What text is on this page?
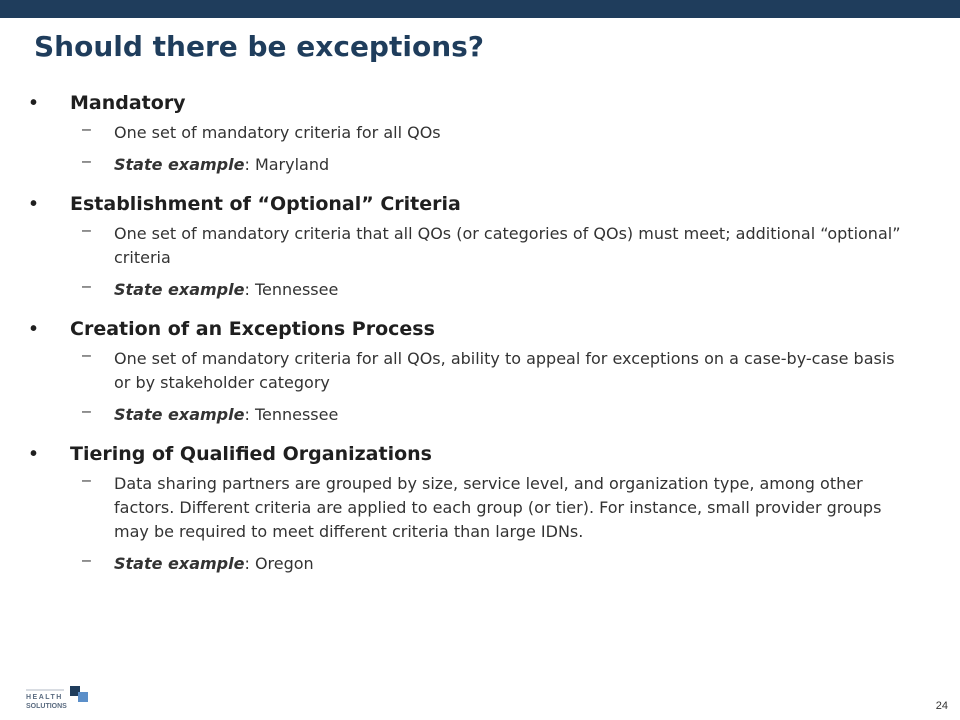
Should there be exceptions?
•	Mandatory
–	One set of mandatory criteria for all QOs
–	State example: Maryland
•	Establishment of “Optional” Criteria
–	One set of mandatory criteria that all QOs (or categories of QOs) must meet; additional “optional” criteria
–	State example: Tennessee
•	Creation of an Exceptions Process
–	One set of mandatory criteria for all QOs, ability to appeal for exceptions on a case-by-case basis or by stakeholder category
–	State example: Tennessee
•	Tiering of Qualified Organizations
–	Data sharing partners are grouped by size, service level, and organization type, among other factors. Different criteria are applied to each group (or tier). For instance, small provider groups may be required to meet different criteria than large IDNs.
–	State example: Oregon
HEALTH
SOLUTIONS	24
